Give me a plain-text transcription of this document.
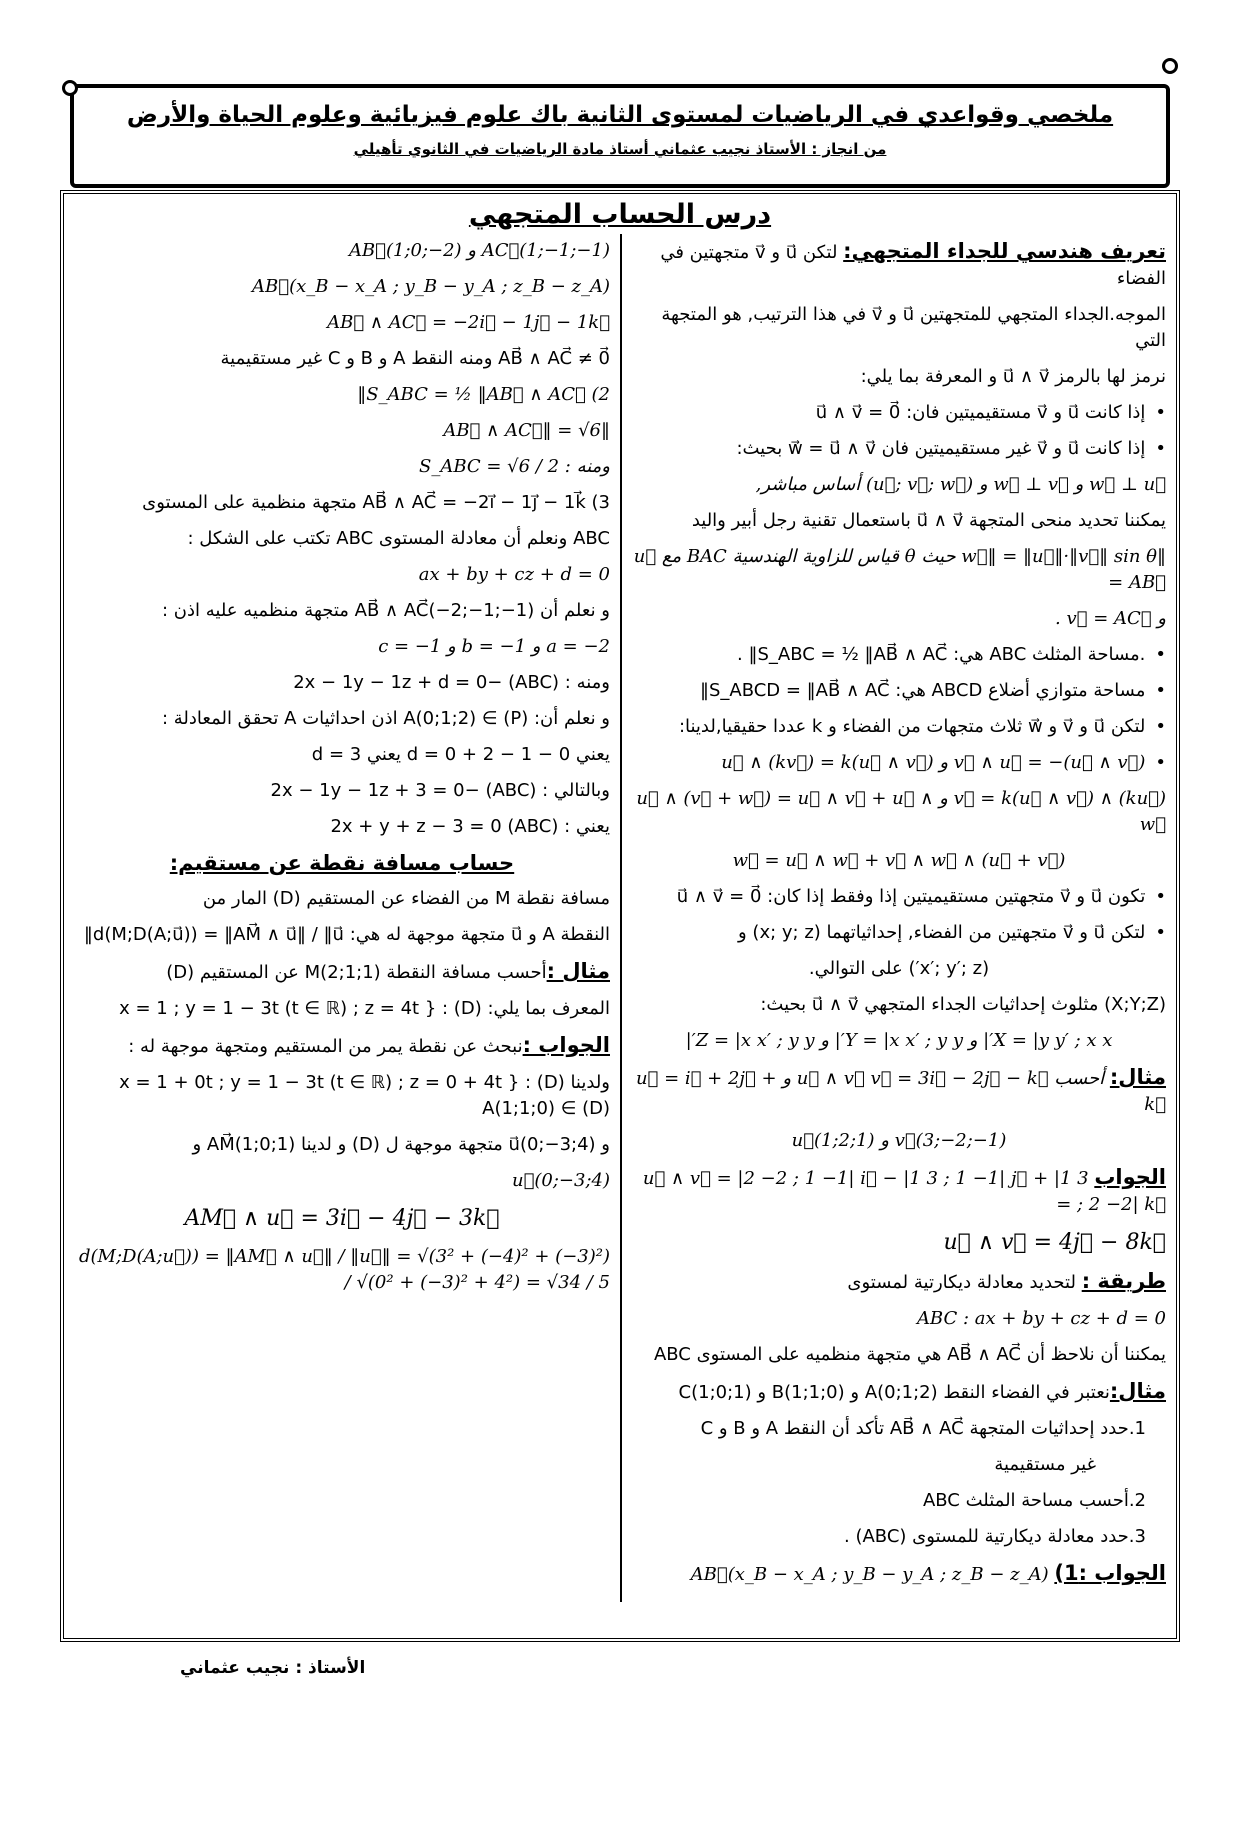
ملخصي وقواعدي في الرياضيات لمستوى الثانية باك علوم فيزيائية وعلوم الحياة والأرض
من انجاز : الأستاذ نجيب عثماني أستاذ مادة الرياضيات في الثانوي تأهيلي
درس الحساب المتجهي
تعريف هندسي للجداء المتجهي: لتكن u⃗ و v⃗ متجهتين في الفضاء
الموجه.الجداء المتجهي للمتجهتين u⃗ و v⃗ في هذا الترتيب, هو المتجهة التي
نرمز لها بالرمز u⃗ ∧ v⃗ و المعرفة بما يلي:
• إذا كانت u⃗ و v⃗ مستقيميتين فان: u⃗ ∧ v⃗ = 0⃗
• إذا كانت u⃗ و v⃗ غير مستقيميتين فان w⃗ = u⃗ ∧ v⃗ بحيث:
w⃗ ⊥ u⃗ و w⃗ ⊥ v⃗ و (u⃗; v⃗; w⃗) أساس مباشر,
يمكننا تحديد منحى المتجهة u⃗ ∧ v⃗ باستعمال تقنية رجل أبير واليد
‖w⃗‖ = ‖u⃗‖·‖v⃗‖ sin θ حيث θ قياس للزاوية الهندسية BAC مع u⃗ = AB⃗
و v⃗ = AC⃗ .
• .مساحة المثلث ABC هي: S_ABC = ½ ‖AB⃗ ∧ AC⃗‖ .
• مساحة متوازي أضلاع ABCD هي: S_ABCD = ‖AB⃗ ∧ AC⃗‖
• لتكن u⃗ و v⃗ و w⃗ ثلاث متجهات من الفضاء و k عددا حقيقيا,لدينا:
• v⃗ ∧ u⃗ = −(u⃗ ∧ v⃗) و u⃗ ∧ (kv⃗) = k(u⃗ ∧ v⃗)
(ku⃗) ∧ v⃗ = k(u⃗ ∧ v⃗) و u⃗ ∧ (v⃗ + w⃗) = u⃗ ∧ v⃗ + u⃗ ∧ w⃗
(u⃗ + v⃗) ∧ w⃗ = u⃗ ∧ w⃗ + v⃗ ∧ w⃗
• تكون u⃗ و v⃗ متجهتين مستقيميتين إذا وفقط إذا كان: u⃗ ∧ v⃗ = 0⃗
• لتكن u⃗ و v⃗ متجهتين من الفضاء, إحداثياتهما (x; y; z) و
(x′; y′; z′) على التوالي.
(X;Y;Z) مثلوث إحداثيات الجداء المتجهي u⃗ ∧ v⃗ بحيث:
X = |y y′ ; x x′| و Y = |x x′ ; y y′| و Z = |x x′ ; y y′|
مثال: أحسب u⃗ ∧ v⃗ v⃗ = 3i⃗ − 2j⃗ − k⃗ و u⃗ = i⃗ + 2j⃗ + k⃗
v⃗(3;−2;−1) و u⃗(1;2;1)
الجواب u⃗ ∧ v⃗ = |2 −2 ; 1 −1| i⃗ − |1 3 ; 1 −1| j⃗ + |1 3 ; 2 −2| k⃗ =
u⃗ ∧ v⃗ = 4j⃗ − 8k⃗
طريقة : لتحديد معادلة ديكارتية لمستوى
ABC : ax + by + cz + d = 0
يمكننا أن نلاحظ أن AB⃗ ∧ AC⃗ هي متجهة منظميه على المستوى ABC
مثال:نعتبر في الفضاء النقط A(0;1;2) و B(1;1;0) و C(1;0;1)
1.حدد إحداثيات المتجهة AB⃗ ∧ AC⃗ تأكد أن النقط A و B و C
غير مستقيمية
2.أحسب مساحة المثلث ABC
3.حدد معادلة ديكارتية للمستوى (ABC) .
الجواب :1) AB⃗(x_B − x_A ; y_B − y_A ; z_B − z_A)
AC⃗(1;−1;−1) و AB⃗(1;0;−2)
AB⃗(x_B − x_A ; y_B − y_A ; z_B − z_A)
AB⃗ ∧ AC⃗ = −2i⃗ − 1j⃗ − 1k⃗
AB⃗ ∧ AC⃗ ≠ 0⃗ ومنه النقط A و B و C غير مستقيمية
2) S_ABC = ½ ‖AB⃗ ∧ AC⃗‖
‖AB⃗ ∧ AC⃗‖ = √6
ومنه : S_ABC = √6 / 2
3) AB⃗ ∧ AC⃗ = −2i⃗ − 1j⃗ − 1k⃗ متجهة منظمية على المستوى
ABC ونعلم أن معادلة المستوى ABC تكتب على الشكل :
ax + by + cz + d = 0
و نعلم أن AB⃗ ∧ AC⃗(−2;−1;−1) متجهة منظميه عليه اذن :
a = −2 و b = −1 و c = −1
ومنه : (ABC) −2x − 1y − 1z + d = 0
و نعلم أن: A(0;1;2) ∈ (P) اذن احداثيات A تحقق المعادلة :
يعني 0 − 1 − 2 + d = 0 يعني d = 3
وبالتالي : (ABC) −2x − 1y − 1z + 3 = 0
يعني : (ABC) 2x + y + z − 3 = 0
حساب مسافة نقطة عن مستقيم:
مسافة نقطة M من الفضاء عن المستقيم (D) المار من
النقطة A و u⃗ متجهة موجهة له هي: d(M;D(A;u⃗)) = ‖AM⃗ ∧ u⃗‖ / ‖u⃗‖
مثال :أحسب مسافة النقطة M(2;1;1) عن المستقيم (D)
المعرف بما يلي: (D) : { x = 1 ; y = 1 − 3t (t ∈ ℝ) ; z = 4t
الجواب :نبحث عن نقطة يمر من المستقيم ومتجهة موجهة له :
ولدينا (D) : { x = 1 + 0t ; y = 1 − 3t (t ∈ ℝ) ; z = 0 + 4t A(1;1;0) ∈ (D)
و u⃗(0;−3;4) متجهة موجهة ل (D) و لدينا AM⃗(1;0;1) و
u⃗(0;−3;4)
AM⃗ ∧ u⃗ = 3i⃗ − 4j⃗ − 3k⃗
d(M;D(A;u⃗)) = ‖AM⃗ ∧ u⃗‖ / ‖u⃗‖ = √(3² + (−4)² + (−3)²) / √(0² + (−3)² + 4²) = √34 / 5
الأستاذ : نجيب عثماني
